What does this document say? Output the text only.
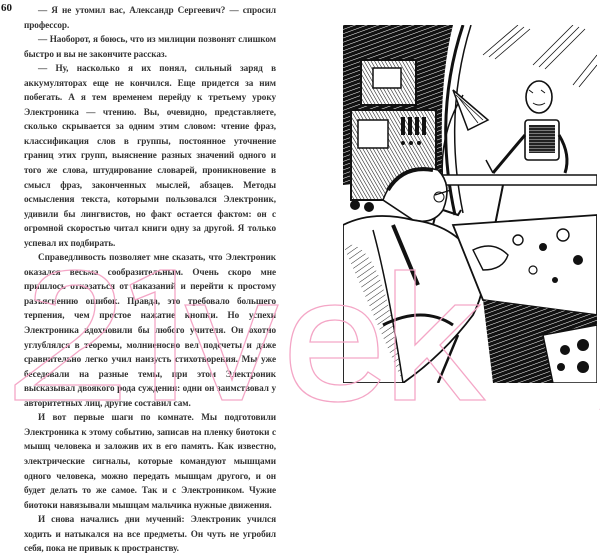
60	— Я не утомил вас, Александр Сергеевич? — спросил профессор.

— Наоборот, я боюсь, что из милиции позвонят слишком быстро и вы не закончите рассказ.

— Ну, насколько я их понял, сильный заряд в аккумуляторах еще не кончился. Еще придется за ним побегать. А я тем временем перейду к третьему уроку Электроника — чтению. Вы, очевидно, представляете, сколько скрывается за одним этим словом: чтение фраз, классификация слов в группы, постоянное уточнение границ этих групп, выяснение разных значений одного и того же слова, штудирование словарей, проникновение в смысл фраз, законченных мыслей, абзацев. Методы осмысления текста, которыми пользовался Электроник, удивили бы лингвистов, но факт остается фактом: он с огромной скоростью читал книги одну за другой. Я только успевал их подбирать.

Справедливость позволяет мне сказать, что Электроник оказался весьма сообразительным. Очень скоро мне пришлось отказаться от наказаний и перейти к простому разъяснению ошибок. Правда, это требовало большего терпения, чем простое нажатие кнопки. Но успехи Электроника вдохновили бы любого учителя. Он охотно углублялся в теоремы, молниеносно вел подсчеты и даже сравнительно легко учил наизусть стихотворения. Мы уже беседовали на разные темы, при этом Электроник высказывал двоякого рода суждения: одни он заимствовал у авторитетных лиц, другие составил сам.

И вот первые шаги по комнате. Мы подготовили Электроника к этому событию, записав на пленку биотоки с мышц человека и заложив их в его память. Как известно, электрические сигналы, которые командуют мышцами одного человека, можно передать мышцам другого, и он будет делать то же самое. Так и с Электроником. Чужие биотоки навязывали мышцам мальчика нужные движения.

И снова начались дни мучений: Электроник учился ходить и натыкался на все предметы. Он чуть не угробил себя, пока не привык к пространству.
